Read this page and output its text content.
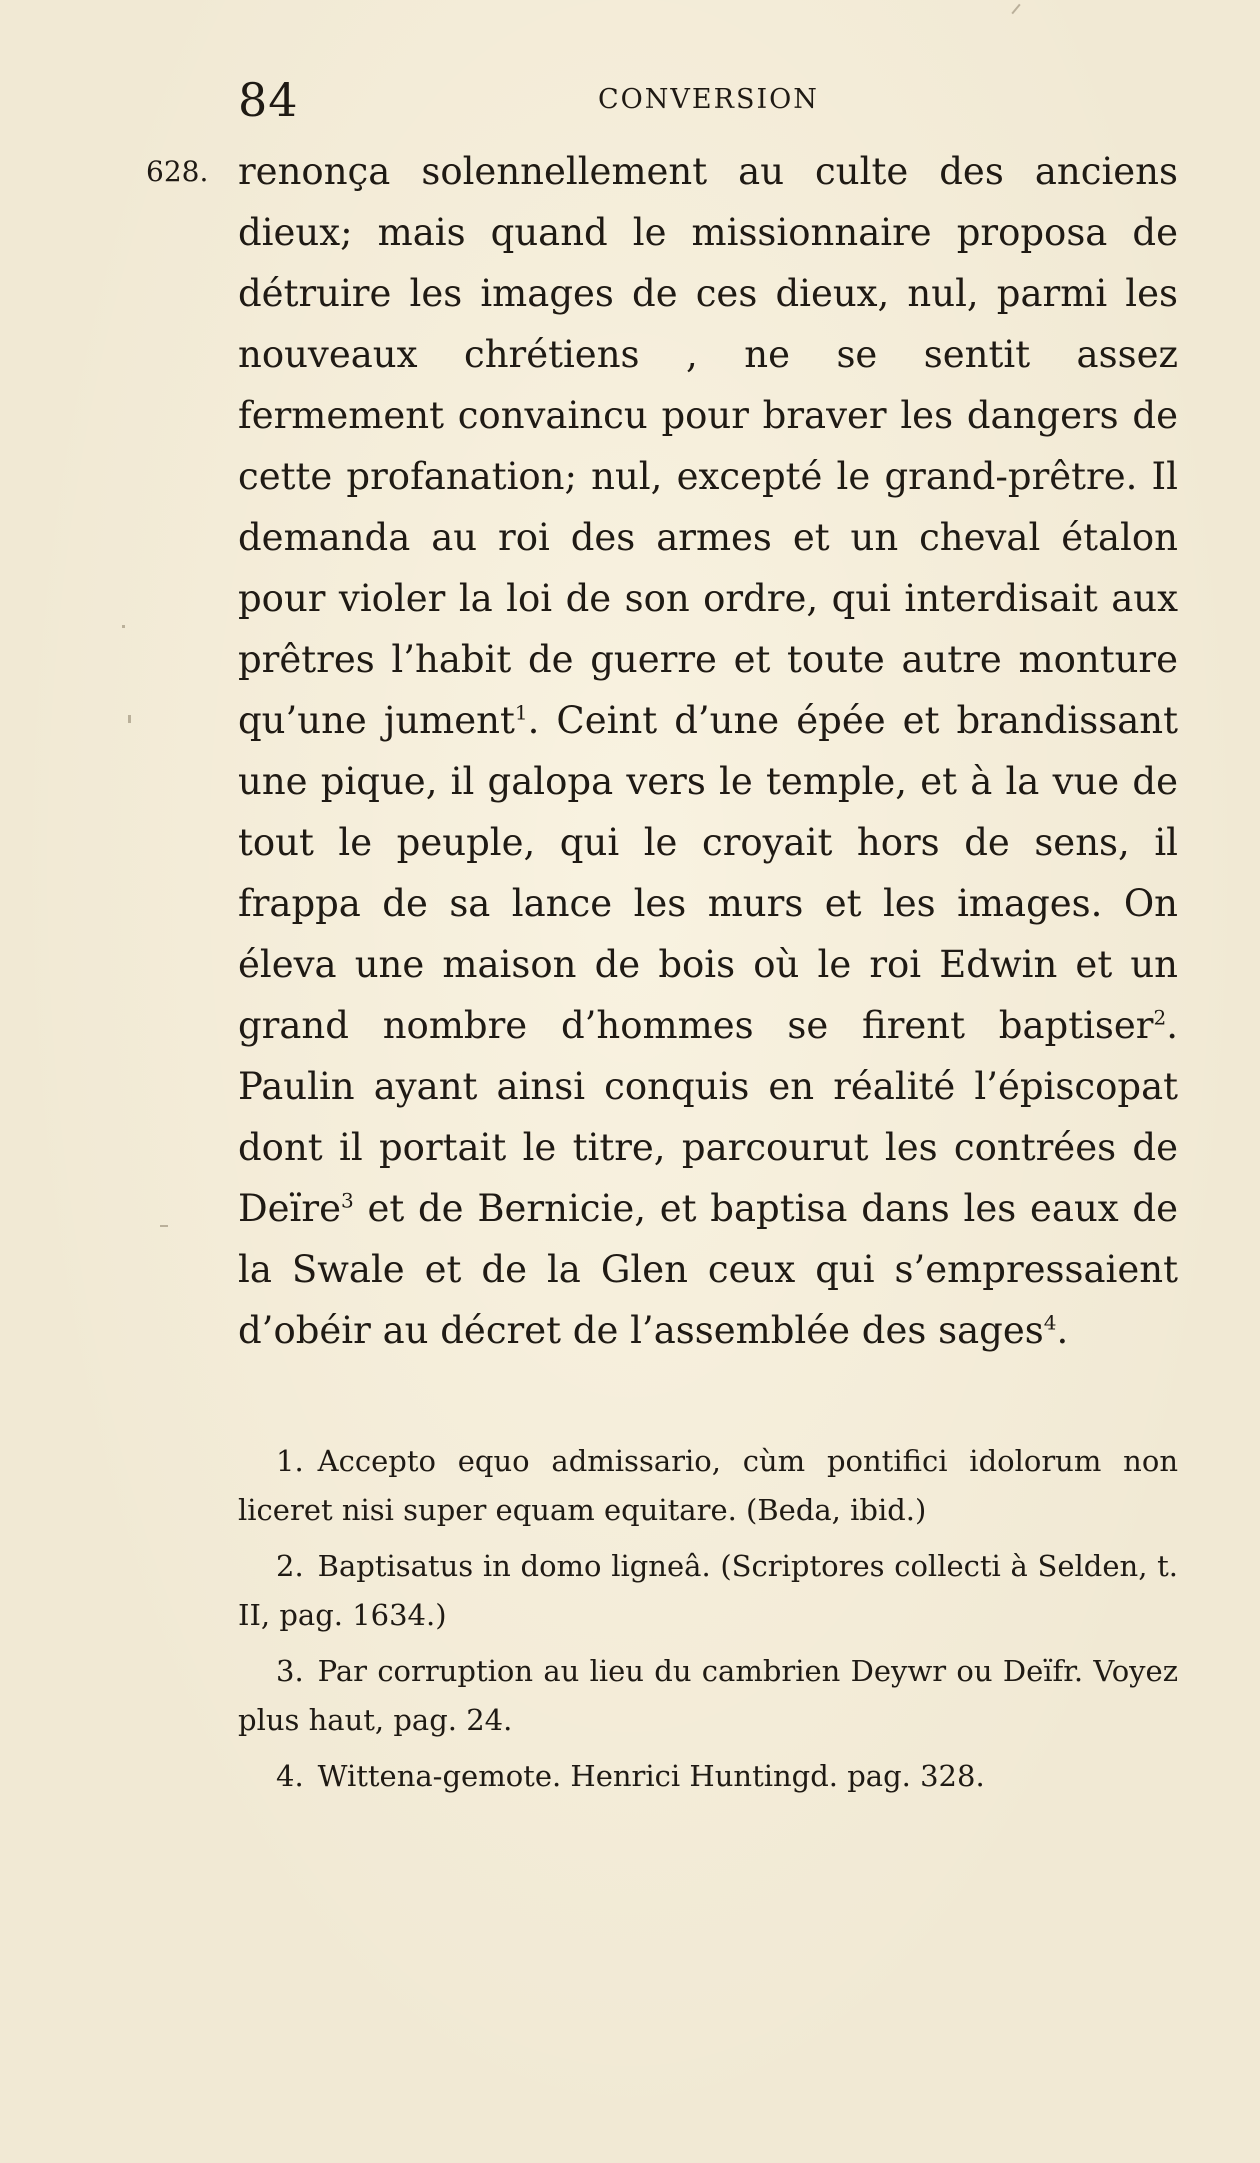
84	CONVERSION
628. renonça solennellement au culte des anciens dieux; mais quand le missionnaire proposa de détruire les images de ces dieux, nul, parmi les nouveaux chrétiens , ne se sentit assez fermement convaincu pour braver les dangers de cette profanation; nul, excepté le grand-prêtre. Il demanda au roi des armes et un cheval étalon pour violer la loi de son ordre, qui interdisait aux prêtres l’habit de guerre et toute autre monture qu’une jument$^1$. Ceint d’une épée et brandissant une pique, il galopa vers le temple, et à la vue de tout le peuple, qui le croyait hors de sens, il frappa de sa lance les murs et les images. On éleva une maison de bois où le roi Edwin et un grand nombre d’hommes se firent baptiser$^2$. Paulin ayant ainsi conquis en réalité l’épiscopat dont il portait le titre, parcourut les contrées de Deïre$^3$ et de Bernicie, et baptisa dans les eaux de la Swale et de la Glen ceux qui s’empressaient d’obéir au décret de l’assemblée des sages$^4$.

1. Accepto equo admissario, cùm pontifici idolorum non liceret nisi super equam equitare. (Beda, ibid.)

2. Baptisatus in domo ligneâ. (Scriptores collecti à Selden, t. II, pag. 1634.)

3. Par corruption au lieu du cambrien Deywr ou Deïfr. Voyez plus haut, pag. 24.

4. Wittena-gemote. Henrici Huntingd. pag. 328.
